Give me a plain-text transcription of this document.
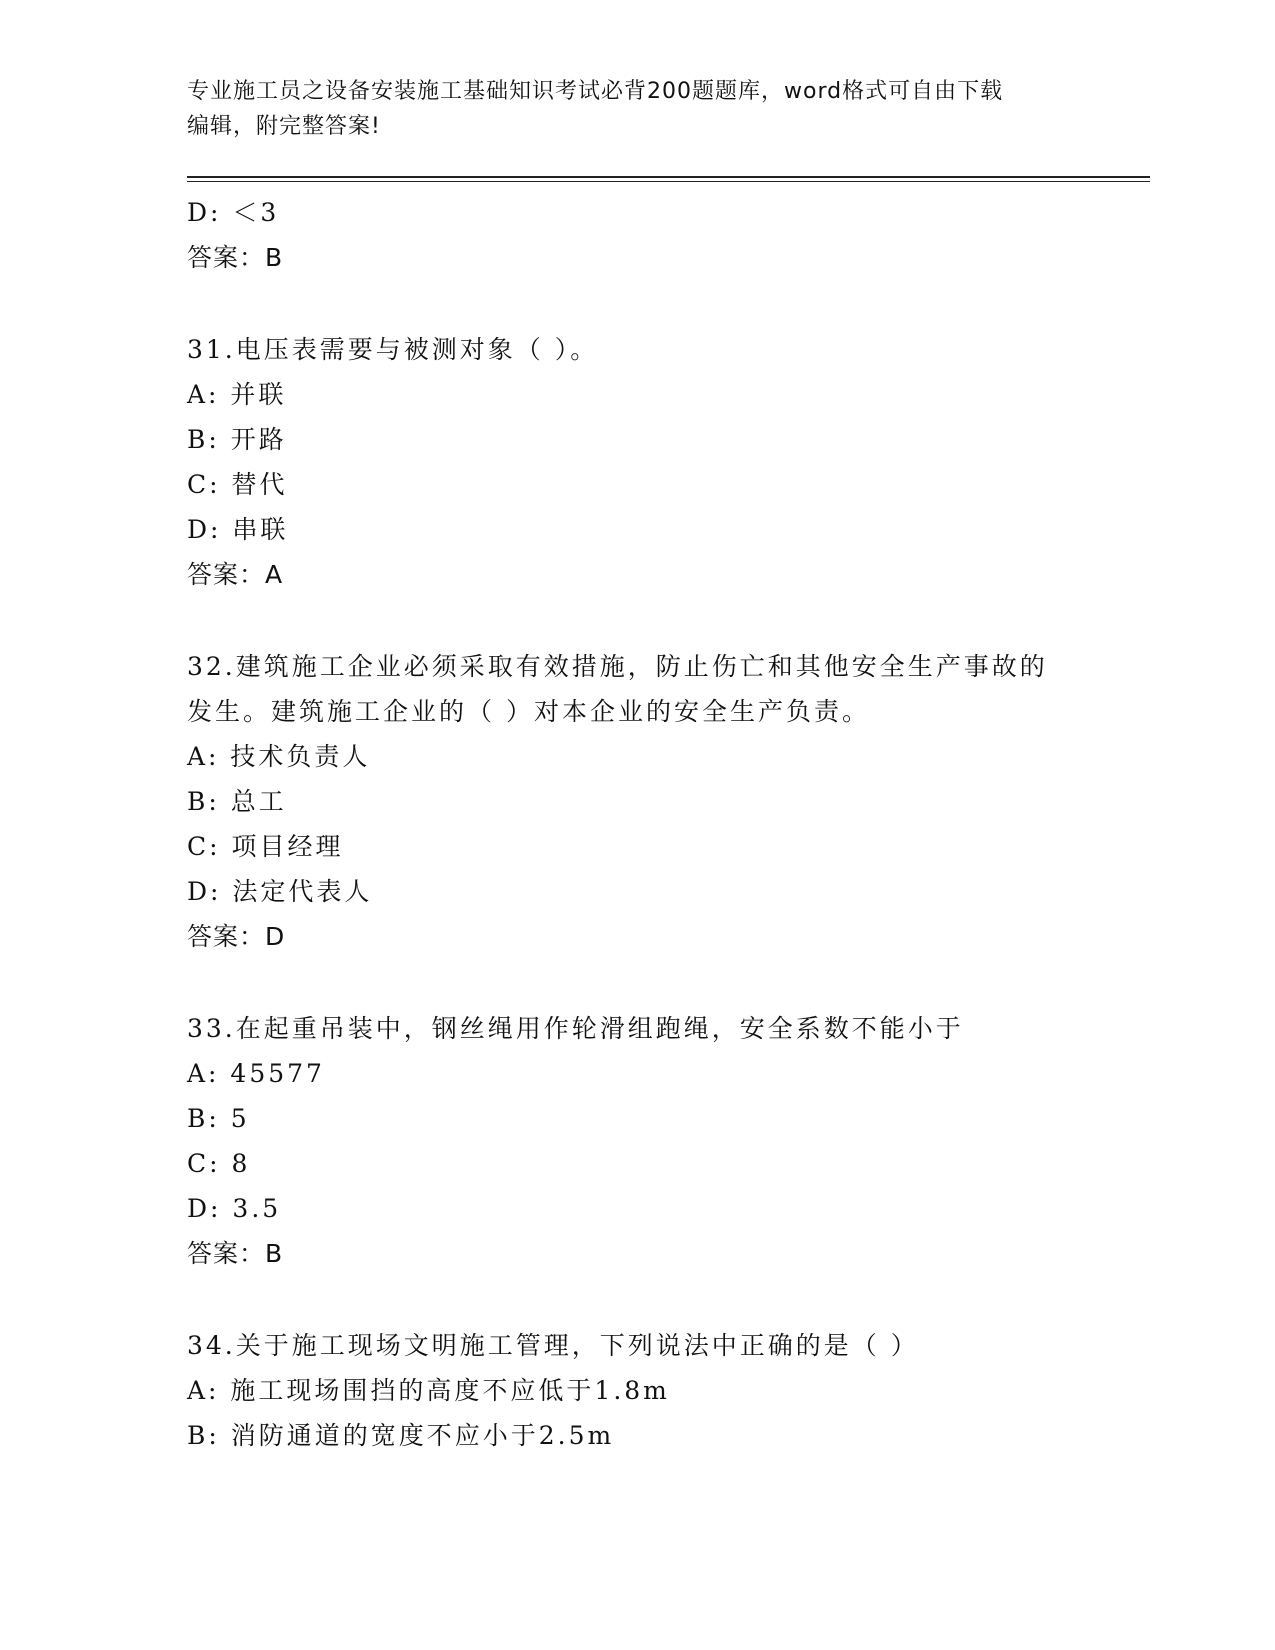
专业施工员之设备安装施工基础知识考试必背200题题库，word格式可自由下载
编辑，附完整答案!
D: ＜3
答案：B
31.电压表需要与被测对象（ ）。
A: 并联
B: 开路
C: 替代
D: 串联
答案：A
32.建筑施工企业必须采取有效措施，防止伤亡和其他安全生产事故的
发生。建筑施工企业的（ ）对本企业的安全生产负责。
A: 技术负责人
B: 总工
C: 项目经理
D: 法定代表人
答案：D
33.在起重吊装中，钢丝绳用作轮滑组跑绳，安全系数不能小于
A: 45577
B: 5
C: 8
D: 3.5
答案：B
34.关于施工现场文明施工管理，下列说法中正确的是（ ）
A: 施工现场围挡的高度不应低于1.8m
B: 消防通道的宽度不应小于2.5m
